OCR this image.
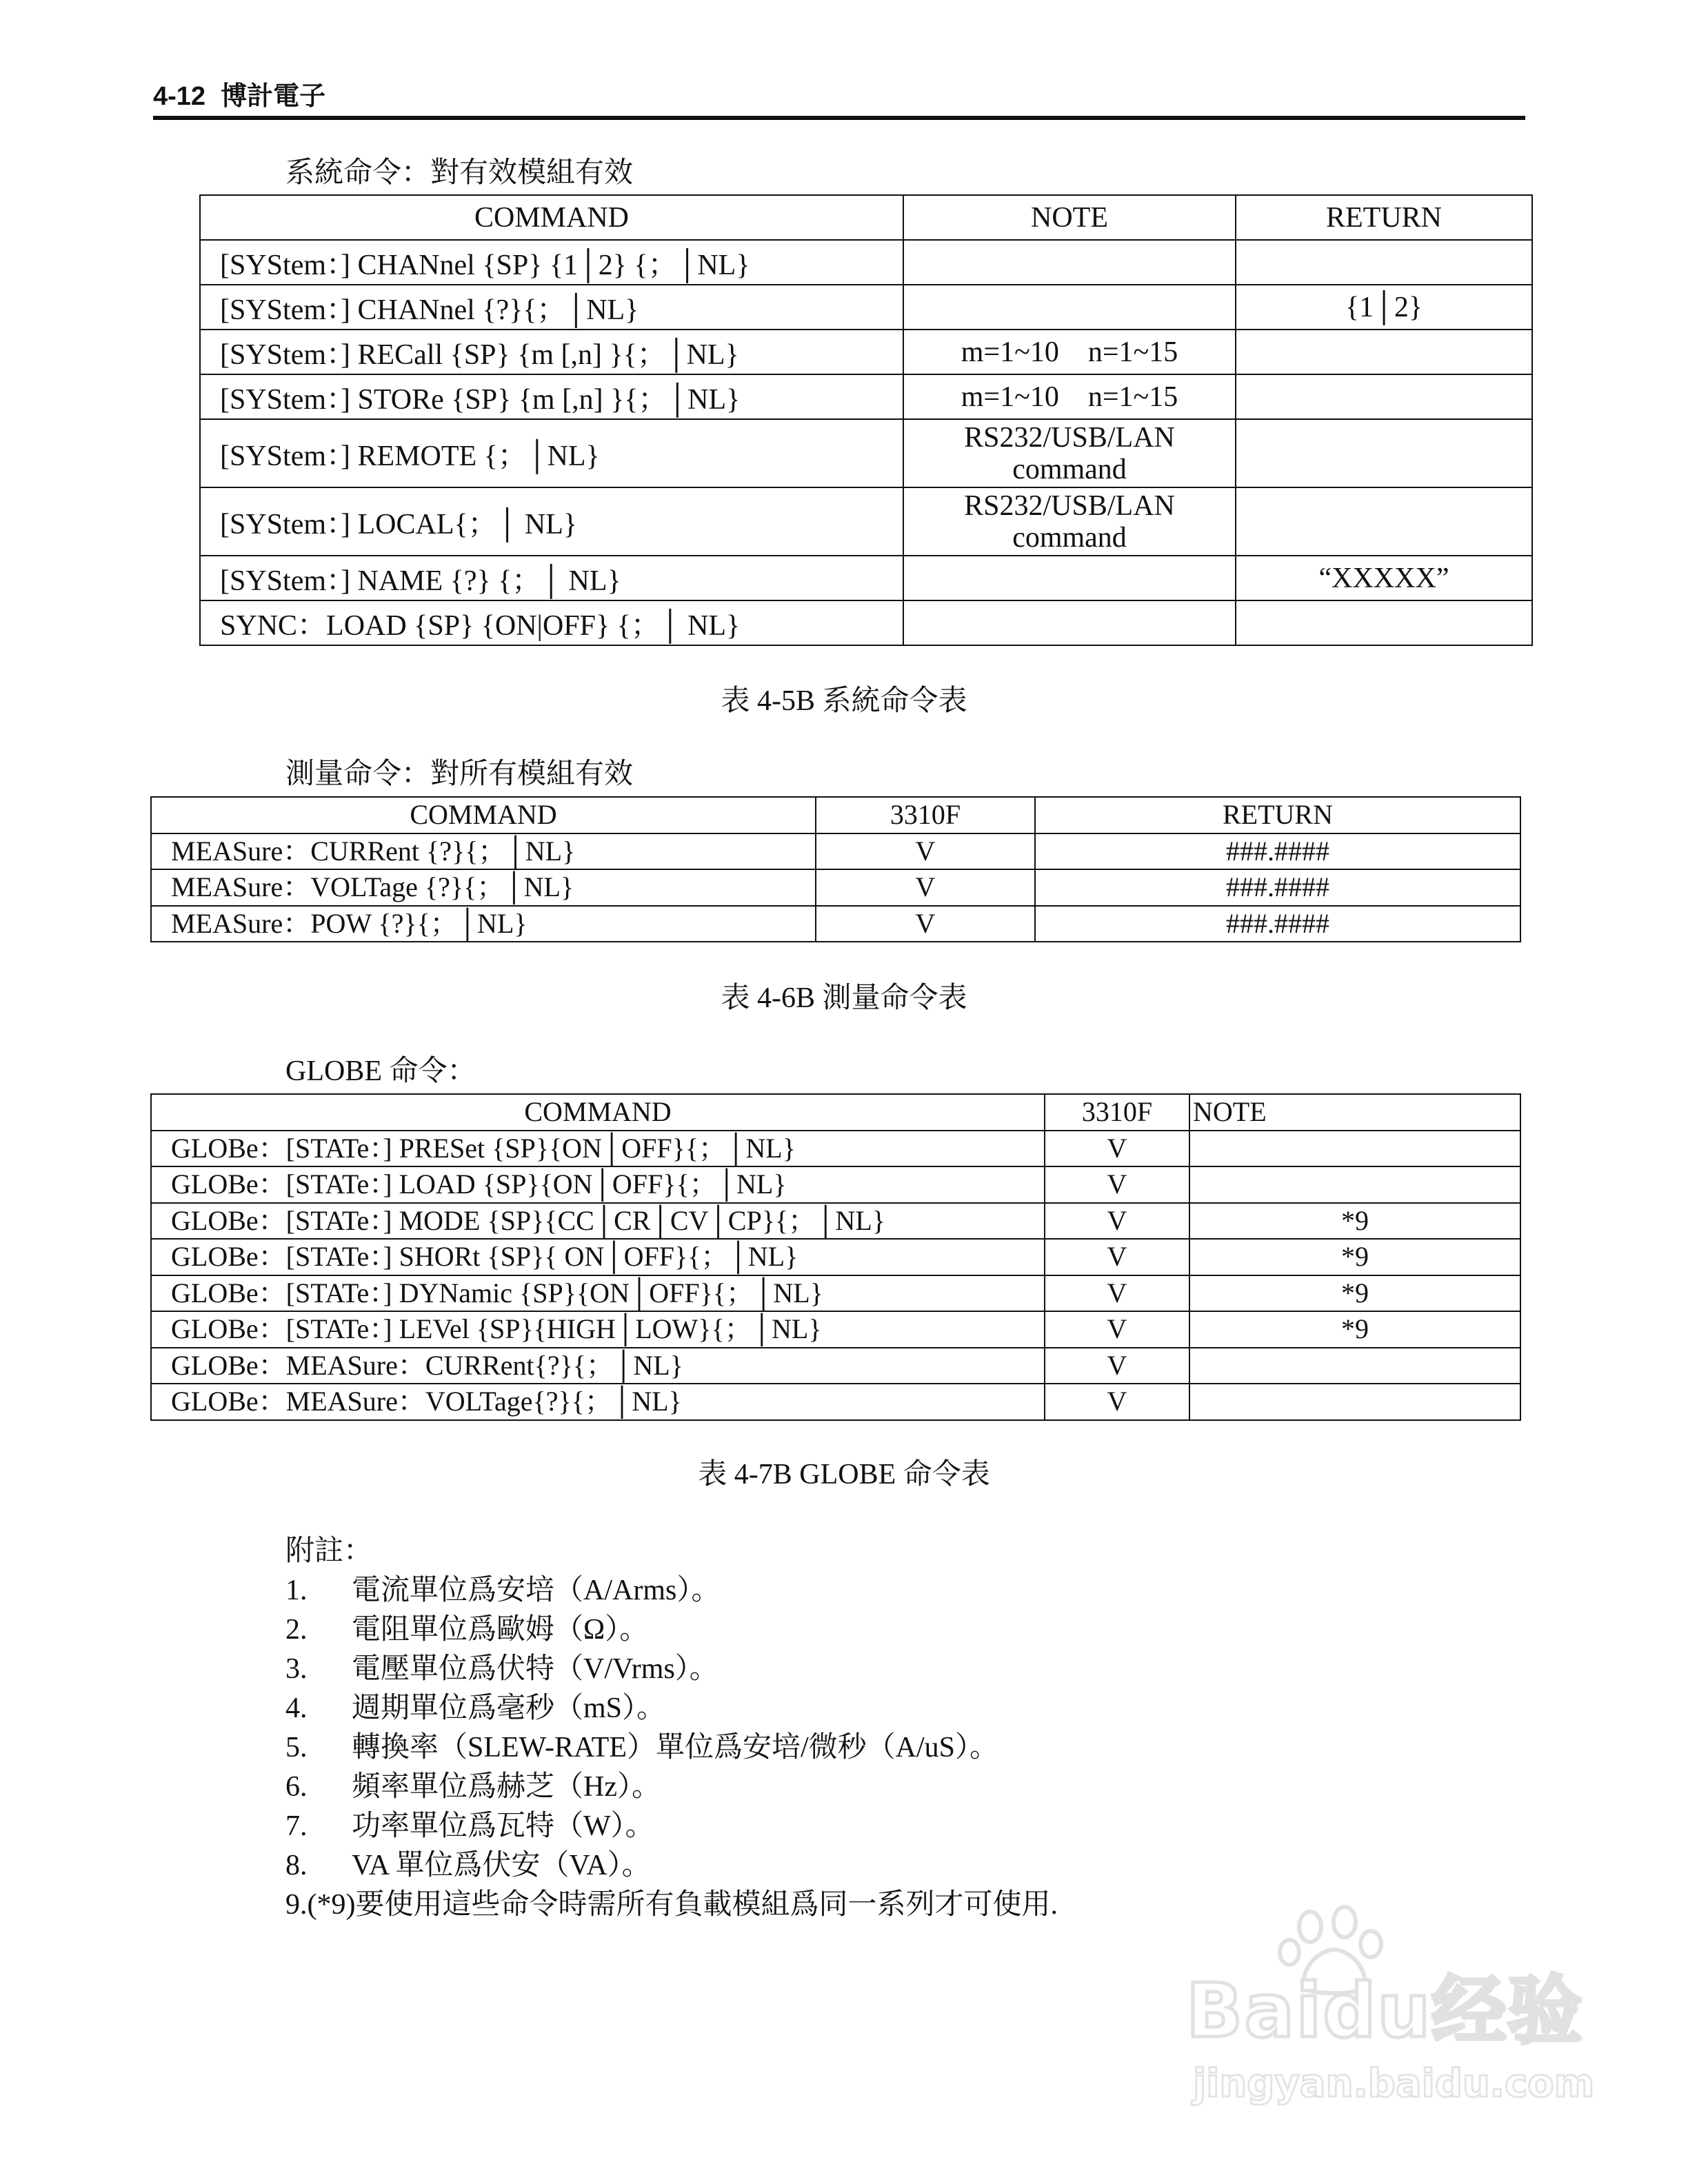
4-12 博計電子
系統命令：對有效模組有效
COMMAND	NOTE	RETURN
[SYStem：] CHANnel {SP} {1│2} {；│NL}		
[SYStem：] CHANnel {?}{；│NL}		{1│2}
[SYStem：] RECall {SP} {m [,n] }{；│NL}	m=1~10    n=1~15	
[SYStem：] STORe {SP} {m [,n] }{；│NL}	m=1~10    n=1~15	
[SYStem：] REMOTE {；│NL}	RS232/USB/LAN
command	

[SYStem：] LOCAL{；│ NL}	RS232/USB/LAN
command	

[SYStem：] NAME {?} {；│ NL}		“XXXXX”
SYNC：LOAD {SP} {ON|OFF} {；│ NL}		
表 4-5B 系統命令表
測量命令：對所有模組有效
COMMAND	3310F	RETURN
MEASure：CURRent {?}{；│NL}	V	###.####
MEASure：VOLTage {?}{；│NL}	V	###.####
MEASure：POW {?}{；│NL}	V	###.####
表 4-6B 測量命令表
GLOBE 命令：
COMMAND	3310F	NOTE
GLOBe：[STATe：] PRESet {SP}{ON│OFF}{；│NL}	V	
GLOBe：[STATe：] LOAD {SP}{ON│OFF}{；│NL}	V	
GLOBe：[STATe：] MODE {SP}{CC│CR│CV│CP}{；│NL}	V	*9
GLOBe：[STATe：] SHORt {SP}{ ON│OFF}{；│NL}	V	*9
GLOBe：[STATe：] DYNamic {SP}{ON│OFF}{；│NL}	V	*9
GLOBe：[STATe：] LEVel {SP}{HIGH│LOW}{；│NL}	V	*9
GLOBe：MEASure：CURRent{?}{；│NL}	V	
GLOBe：MEASure：VOLTage{?}{；│NL}	V	
表 4-7B GLOBE 命令表
附註：
1. 電流單位爲安培（A/Arms）。
2. 電阻單位爲歐姆（Ω）。
3. 電壓單位爲伏特（V/Vrms）。
4. 週期單位爲毫秒（mS）。
5. 轉換率（SLEW-RATE）單位爲安培/微秒（A/uS）。
6. 頻率單位爲赫芝（Hz）。
7. 功率單位爲瓦特（W）。
8. VA 單位爲伏安（VA）。
9.(*9)要使用這些命令時需所有負載模組爲同一系列才可使用.
Baidu经验
jingyan.baidu.com
